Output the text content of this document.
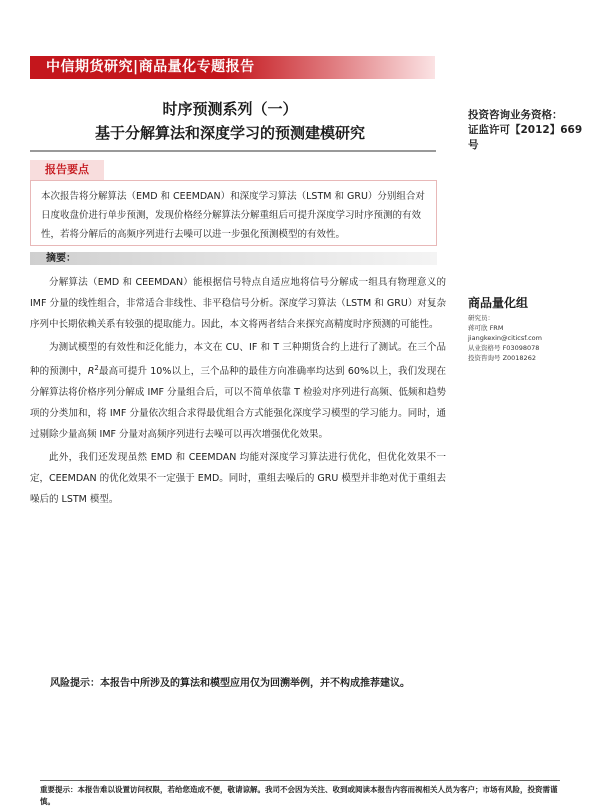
中信期货研究|商品量化专题报告
时序预测系列（一）
基于分解算法和深度学习的预测建模研究
投资咨询业务资格：
证监许可【2012】669 号
报告要点
本次报告将分解算法（EMD 和 CEEMDAN）和深度学习算法（LSTM 和 GRU）分别组合对日度收盘价进行单步预测，发现价格经分解算法分解重组后可提升深度学习时序预测的有效性，若将分解后的高频序列进行去噪可以进一步强化预测模型的有效性。
摘要：

分解算法（EMD 和 CEEMDAN）能根据信号特点自适应地将信号分解成一组具有物理意义的 IMF 分量的线性组合，非常适合非线性、非平稳信号分析。深度学习算法（LSTM 和 GRU）对复杂序列中长期依赖关系有较强的提取能力。因此，本文将两者结合来探究高精度时序预测的可能性。

为测试模型的有效性和泛化能力，本文在 CU、IF 和 T 三种期货合约上进行了测试。在三个品种的预测中，$R^2$最高可提升 10%以上，三个品种的最佳方向准确率均达到 60%以上，我们发现在分解算法将价格序列分解成 IMF 分量组合后，可以不简单依靠 T 检验对序列进行高频、低频和趋势项的分类加和，将 IMF 分量依次组合求得最优组合方式能强化深度学习模型的学习能力。同时，通过剔除少量高频 IMF 分量对高频序列进行去噪可以再次增强优化效果。

此外，我们还发现虽然 EMD 和 CEEMDAN 均能对深度学习算法进行优化，但优化效果不一定，CEEMDAN 的优化效果不一定强于 EMD。同时，重组去噪后的 GRU 模型并非绝对优于重组去噪后的 LSTM 模型。

商品量化组
研究员：
蒋可欣 FRM
jiangkexin@citicsf.com
从业资格号 F03098078
投资咨询号 Z0018262
风险提示：本报告中所涉及的算法和模型应用仅为回溯举例，并不构成推荐建议。
重要提示：本报告难以设置访问权限，若给您造成不便，敬请谅解。我司不会因为关注、收到或阅读本报告内容而视相关人员为客户；市场有风险，投资需谨慎。
